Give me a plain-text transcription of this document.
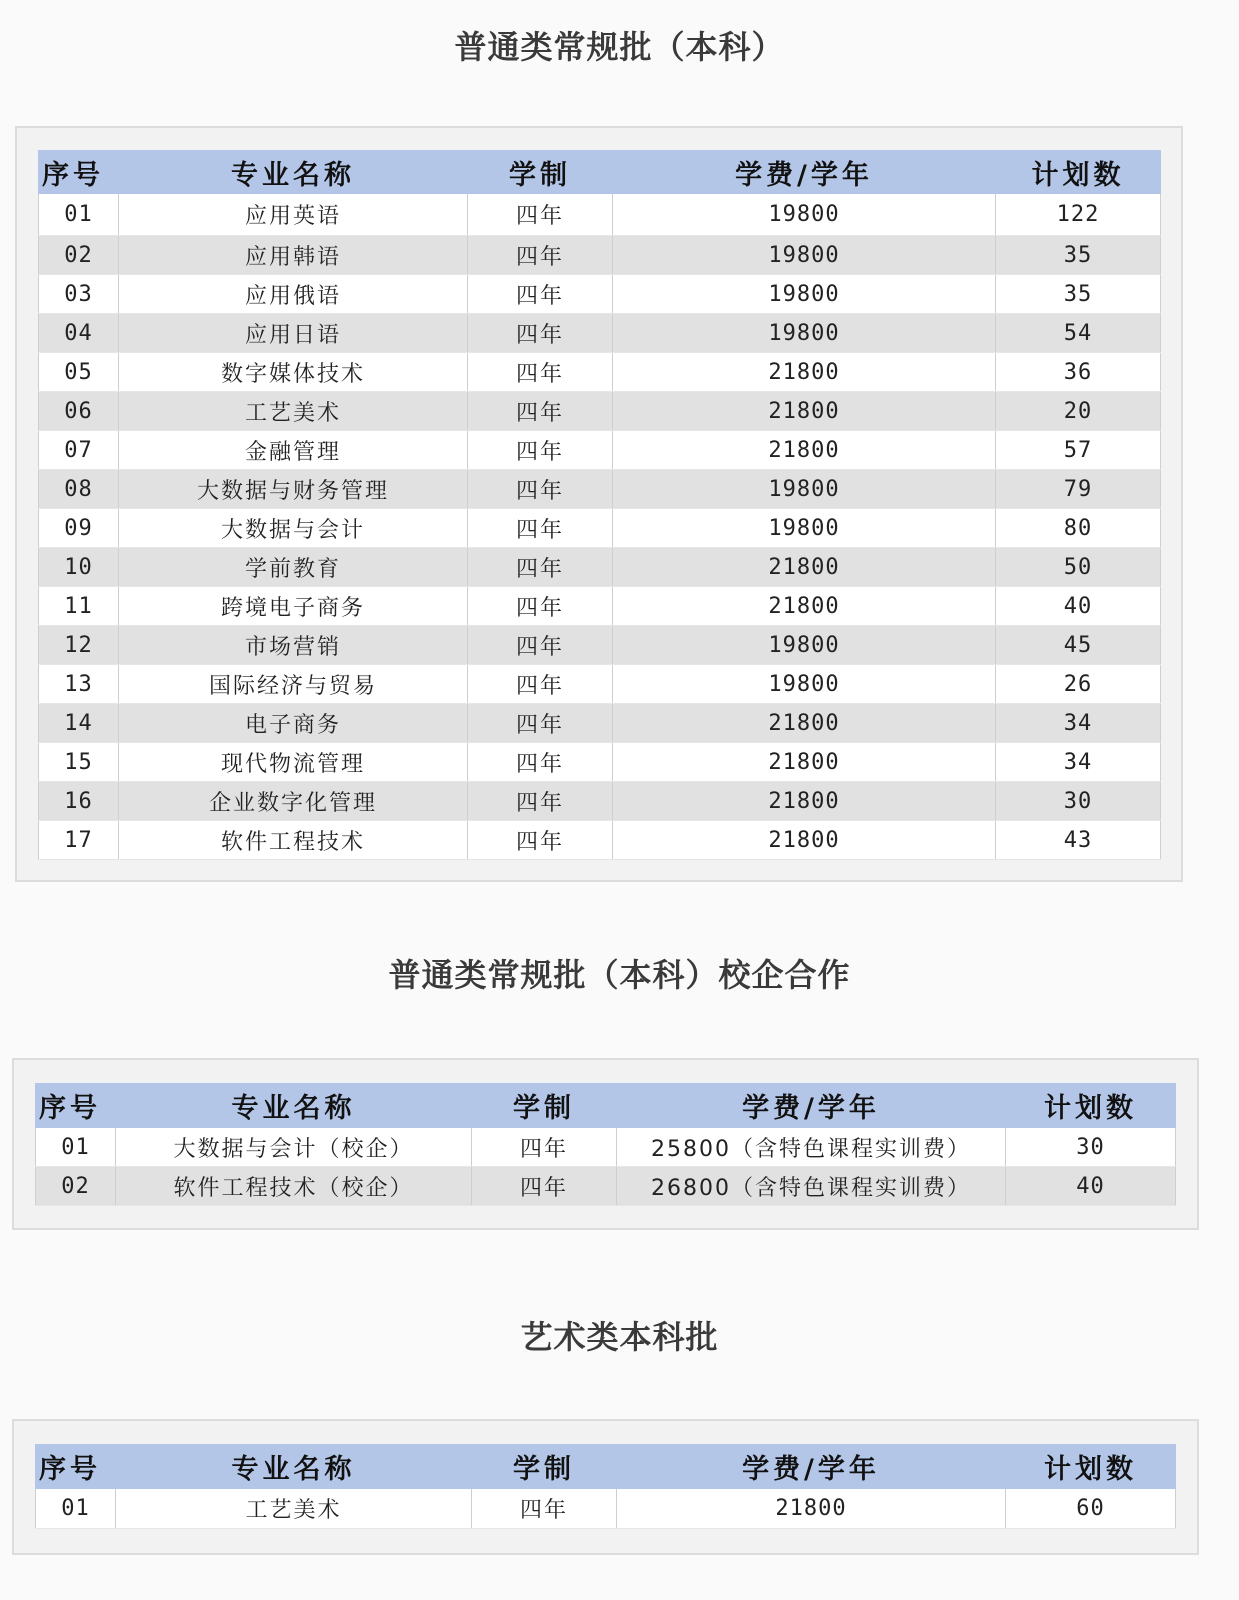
普通类常规批（本科）
序号	专业名称	学制	学费/学年	计划数
01	应用英语	四年	19800	122
02	应用韩语	四年	19800	35
03	应用俄语	四年	19800	35
04	应用日语	四年	19800	54
05	数字媒体技术	四年	21800	36
06	工艺美术	四年	21800	20
07	金融管理	四年	21800	57
08	大数据与财务管理	四年	19800	79
09	大数据与会计	四年	19800	80
10	学前教育	四年	21800	50
11	跨境电子商务	四年	21800	40
12	市场营销	四年	19800	45
13	国际经济与贸易	四年	19800	26
14	电子商务	四年	21800	34
15	现代物流管理	四年	21800	34
16	企业数字化管理	四年	21800	30
17	软件工程技术	四年	21800	43
普通类常规批（本科）校企合作
序号	专业名称	学制	学费/学年	计划数
01	大数据与会计（校企）	四年	25800（含特色课程实训费）	30
02	软件工程技术（校企）	四年	26800（含特色课程实训费）	40
艺术类本科批
序号	专业名称	学制	学费/学年	计划数
01	工艺美术	四年	21800	60
